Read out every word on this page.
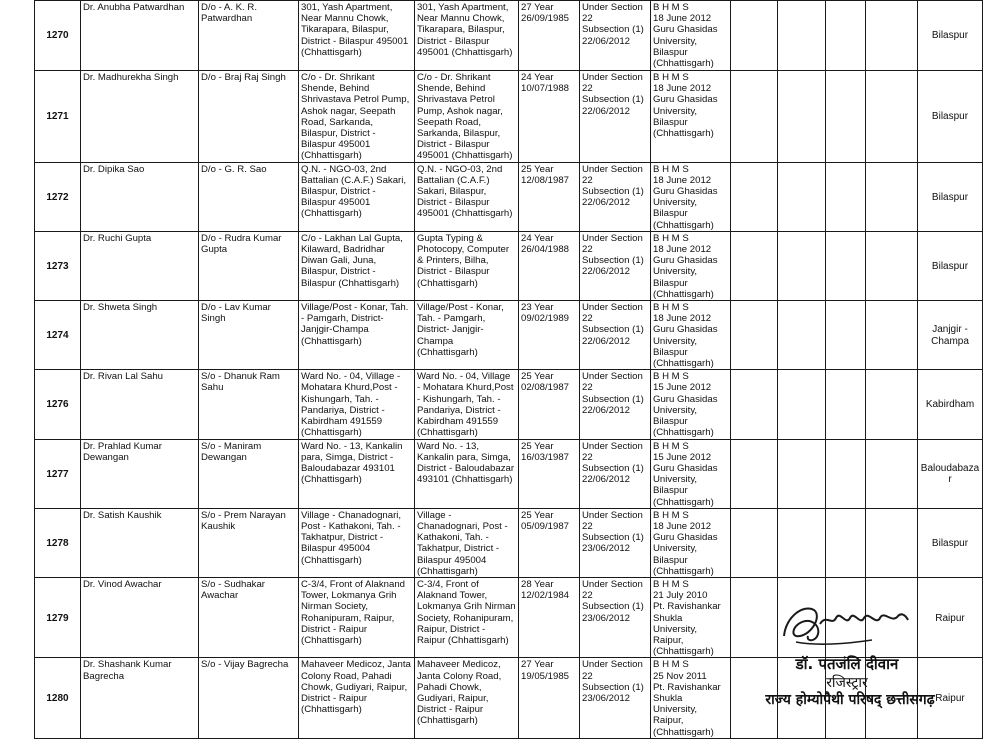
1270	Dr. Anubha Patwardhan	D/o - A. K. R. Patwardhan	301, Yash Apartment, Near Mannu Chowk, Tikarapara, Bilaspur, District - Bilaspur 495001 (Chhattisgarh)	301, Yash Apartment, Near Mannu Chowk, Tikarapara, Bilaspur, District - Bilaspur 495001 (Chhattisgarh)	27 Year
26/09/1985	Under Section 22
Subsection (1)
22/06/2012	B H M S
18 June 2012
Guru Ghasidas University, Bilaspur (Chhattisgarh)					Bilaspur
1271	Dr. Madhurekha Singh	D/o - Braj Raj Singh	C/o - Dr. Shrikant Shende, Behind Shrivastava Petrol Pump, Ashok nagar, Seepath Road, Sarkanda, Bilaspur, District - Bilaspur 495001 (Chhattisgarh)	C/o - Dr. Shrikant Shende, Behind Shrivastava Petrol Pump, Ashok nagar, Seepath Road, Sarkanda, Bilaspur, District - Bilaspur 495001 (Chhattisgarh)	24 Year
10/07/1988	Under Section 22
Subsection (1)
22/06/2012	B H M S
18 June 2012
Guru Ghasidas University, Bilaspur (Chhattisgarh)					Bilaspur
1272	Dr. Dipika Sao	D/o - G. R. Sao	Q.N. - NGO-03, 2nd Battalian (C.A.F.) Sakari, Bilaspur, District - Bilaspur 495001 (Chhattisgarh)	Q.N. - NGO-03, 2nd Battalian (C.A.F.) Sakari, Bilaspur, District - Bilaspur 495001 (Chhattisgarh)	25 Year
12/08/1987	Under Section 22
Subsection (1)
22/06/2012	B H M S
18 June 2012
Guru Ghasidas University, Bilaspur (Chhattisgarh)					Bilaspur
1273	Dr. Ruchi Gupta	D/o - Rudra Kumar Gupta	C/o - Lakhan Lal Gupta, Kilaward, Badridhar Diwan Gali, Juna, Bilaspur, District - Bilaspur (Chhattisgarh)	Gupta Typing & Photocopy, Computer & Printers, Bilha, District - Bilaspur (Chhattisgarh)	24 Year
26/04/1988	Under Section 22
Subsection (1)
22/06/2012	B H M S
18 June 2012
Guru Ghasidas University, Bilaspur (Chhattisgarh)					Bilaspur
1274	Dr. Shweta Singh	D/o - Lav Kumar Singh	Village/Post - Konar, Tah. - Pamgarh, District- Janjgir-Champa (Chhattisgarh)	Village/Post - Konar, Tah. - Pamgarh, District- Janjgir-Champa (Chhattisgarh)	23 Year
09/02/1989	Under Section 22
Subsection (1)
22/06/2012	B H M S
18 June 2012
Guru Ghasidas University, Bilaspur (Chhattisgarh)					Janjgir - Champa
1276	Dr. Rivan Lal Sahu	S/o - Dhanuk Ram Sahu	Ward No. - 04, Village - Mohatara Khurd,Post - Kishungarh, Tah. - Pandariya, District - Kabirdham 491559 (Chhattisgarh)	Ward No. - 04, Village - Mohatara Khurd,Post - Kishungarh, Tah. - Pandariya, District - Kabirdham 491559 (Chhattisgarh)	25 Year
02/08/1987	Under Section 22
Subsection (1)
22/06/2012	B H M S
15 June 2012
Guru Ghasidas University, Bilaspur (Chhattisgarh)					Kabirdham
1277	Dr. Prahlad Kumar Dewangan	S/o - Maniram Dewangan	Ward No. - 13, Kankalin para, Simga, District - Baloudabazar 493101 (Chhattisgarh)	Ward No. - 13, Kankalin para, Simga, District - Baloudabazar 493101 (Chhattisgarh)	25 Year
16/03/1987	Under Section 22
Subsection (1)
22/06/2012	B H M S
15 June 2012
Guru Ghasidas University, Bilaspur (Chhattisgarh)					Baloudabazar
1278	Dr. Satish Kaushik	S/o - Prem Narayan Kaushik	Village - Chanadognari, Post - Kathakoni, Tah. - Takhatpur, District - Bilaspur 495004 (Chhattisgarh)	Village - Chanadognari, Post - Kathakoni, Tah. - Takhatpur, District - Bilaspur 495004 (Chhattisgarh)	25 Year
05/09/1987	Under Section 22
Subsection (1)
23/06/2012	B H M S
18 June 2012
Guru Ghasidas University, Bilaspur (Chhattisgarh)					Bilaspur
1279	Dr. Vinod Awachar	S/o - Sudhakar Awachar	C-3/4, Front of Alaknand Tower, Lokmanya Grih Nirman Society, Rohanipuram, Raipur, District - Raipur (Chhattisgarh)	C-3/4, Front of Alaknand Tower, Lokmanya Grih Nirman Society, Rohanipuram, Raipur, District - Raipur (Chhattisgarh)	28 Year
12/02/1984	Under Section 22
Subsection (1)
23/06/2012	B H M S
21 July 2010
Pt. Ravishankar Shukla University, Raipur, (Chhattisgarh)					Raipur
1280	Dr. Shashank Kumar Bagrecha	S/o - Vijay Bagrecha	Mahaveer Medicoz, Janta Colony Road, Pahadi Chowk, Gudiyari, Raipur, District - Raipur (Chhattisgarh)	Mahaveer Medicoz, Janta Colony Road, Pahadi Chowk, Gudiyari, Raipur, District - Raipur (Chhattisgarh)	27 Year
19/05/1985	Under Section 22
Subsection (1)
23/06/2012	B H M S
25 Nov 2011
Pt. Ravishankar Shukla University, Raipur, (Chhattisgarh)					Raipur
डॉ. पतजंलि दीवान
रजिस्ट्रार
राज्य होम्योपैथी परिषद् छत्तीसगढ़
